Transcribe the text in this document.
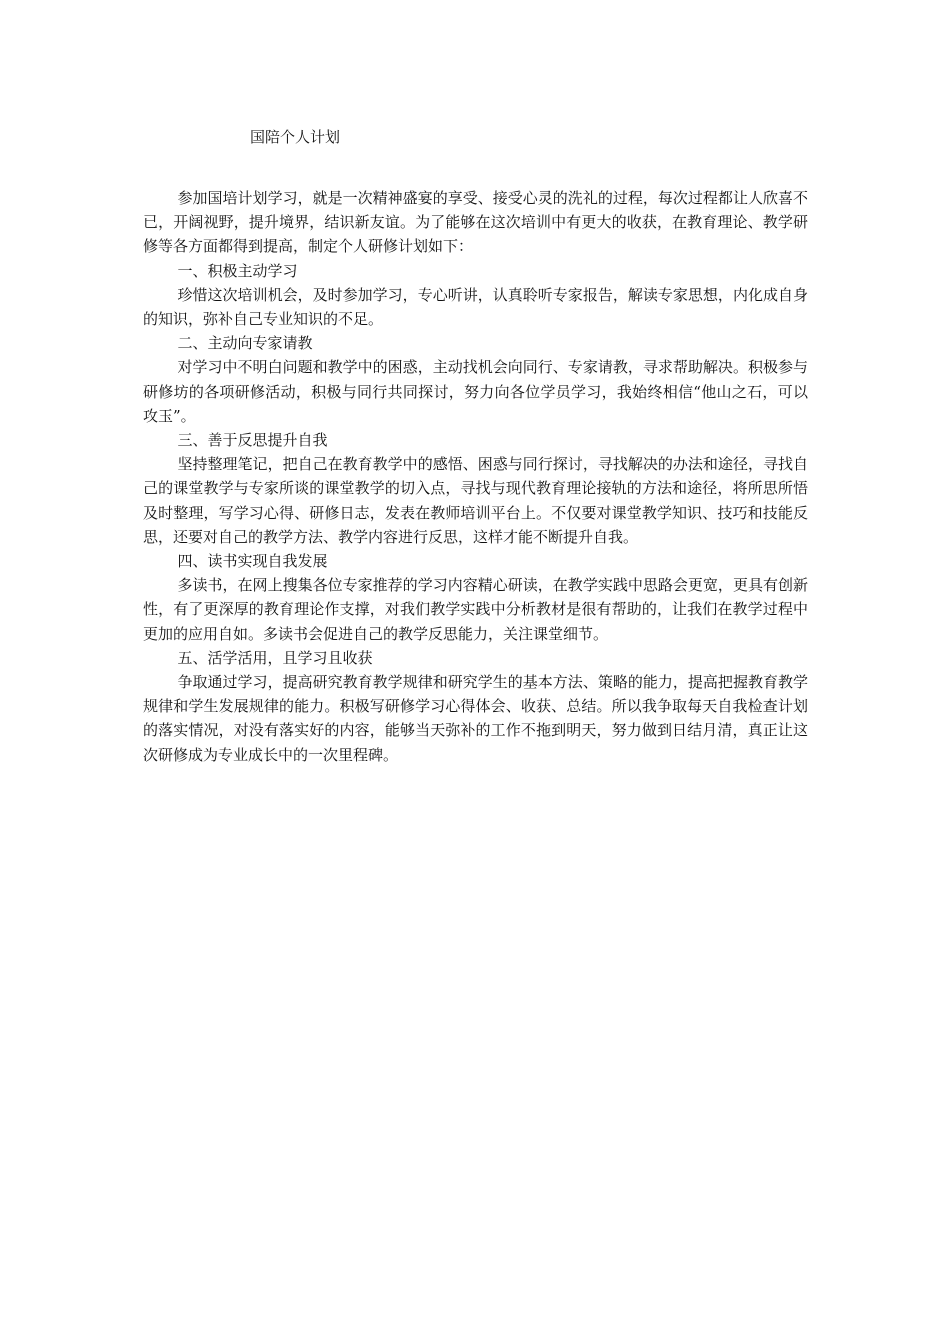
国陪个人计划

参加国培计划学习，就是一次精神盛宴的享受、接受心灵的洗礼的过程，每次过程都让人欣喜不已，开阔视野，提升境界，结识新友谊。为了能够在这次培训中有更大的收获，在教育理论、教学研修等各方面都得到提高，制定个人研修计划如下：

一、积极主动学习

珍惜这次培训机会，及时参加学习，专心听讲，认真聆听专家报告，解读专家思想，内化成自身的知识，弥补自己专业知识的不足。

二、主动向专家请教

对学习中不明白问题和教学中的困惑，主动找机会向同行、专家请教，寻求帮助解决。积极参与研修坊的各项研修活动，积极与同行共同探讨，努力向各位学员学习，我始终相信“他山之石，可以攻玉”。

三、善于反思提升自我

坚持整理笔记，把自己在教育教学中的感悟、困惑与同行探讨，寻找解决的办法和途径，寻找自己的课堂教学与专家所谈的课堂教学的切入点，寻找与现代教育理论接轨的方法和途径，将所思所悟及时整理，写学习心得、研修日志，发表在教师培训平台上。不仅要对课堂教学知识、技巧和技能反思，还要对自己的教学方法、教学内容进行反思，这样才能不断提升自我。

四、读书实现自我发展

多读书，在网上搜集各位专家推荐的学习内容精心研读，在教学实践中思路会更宽，更具有创新性，有了更深厚的教育理论作支撑，对我们教学实践中分析教材是很有帮助的，让我们在教学过程中更加的应用自如。多读书会促进自己的教学反思能力，关注课堂细节。

五、活学活用，且学习且收获

争取通过学习，提高研究教育教学规律和研究学生的基本方法、策略的能力，提高把握教育教学规律和学生发展规律的能力。积极写研修学习心得体会、收获、总结。所以我争取每天自我检查计划的落实情况，对没有落实好的内容，能够当天弥补的工作不拖到明天，努力做到日结月清，真正让这次研修成为专业成长中的一次里程碑。
